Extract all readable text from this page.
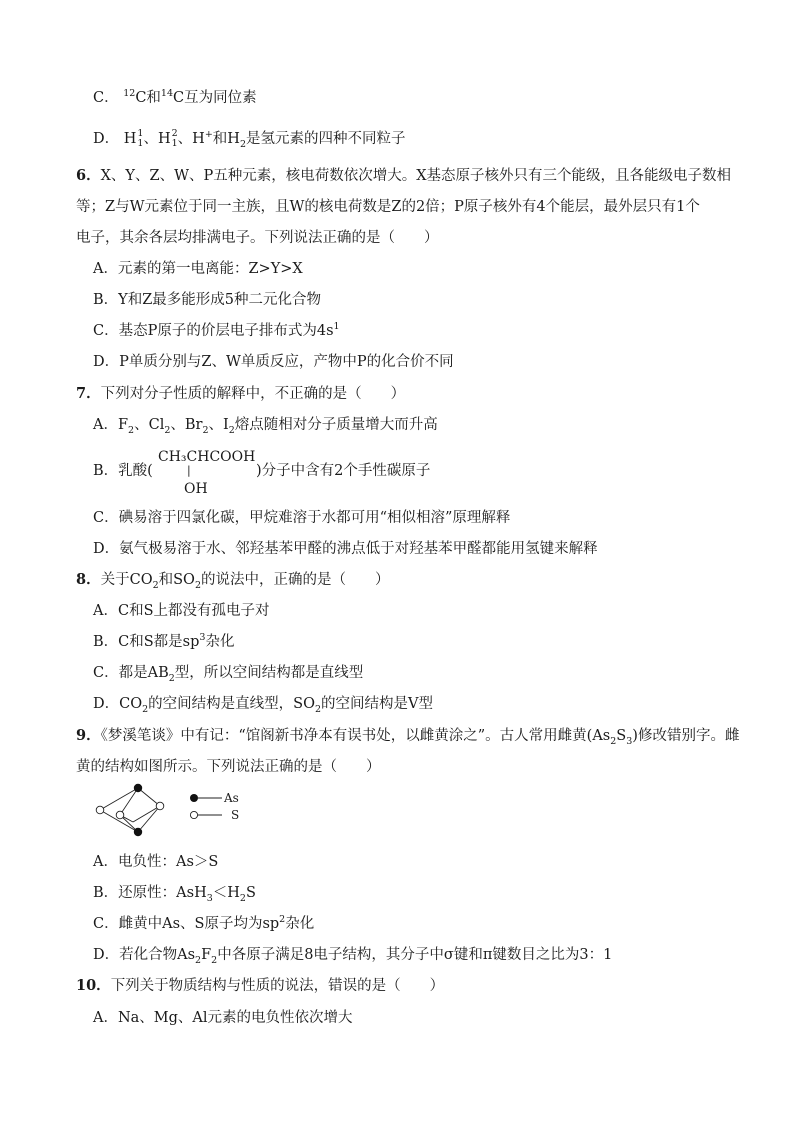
C． $^{12}$C和$^{14}$C互为同位素
D． H 1
1 、H 2
1 、H+和$H_2$是氢元素的四种不同粒子
6．X、Y、Z、W、P五种元素，核电荷数依次增大。X基态原子核外只有三个能级，且各能级电子数相
等；Z与W元素位于同一主族，且W的核电荷数是Z的2倍；P原子核外有4个能层，最外层只有1个
电子，其余各层均排满电子。下列说法正确的是（　　）
A．元素的第一电离能：Z>Y>X
B．Y和Z最多能形成5种二元化合物
C．基态P原子的价层电子排布式为$4s^1$
D．P单质分别与Z、W单质反应，产物中P的化合价不同
7．下列对分子性质的解释中，不正确的是（　　）
A．$F_2$、$Cl_2$、$Br_2$、$I_2$熔点随相对分子质量增大而升高
B．乳酸(
CH₃CHCOOH
|
OH
)分子中含有2个手性碳原子
C．碘易溶于四氯化碳，甲烷难溶于水都可用“相似相溶”原理解释
D．氨气极易溶于水、邻羟基苯甲醛的沸点低于对羟基苯甲醛都能用氢键来解释
8．关于$CO_2$和$SO_2$的说法中，正确的是（　　）
A．C和S上都没有孤电子对
B．C和S都是$sp^3$杂化
C．都是$AB_2$型，所以空间结构都是直线型
D．$CO_2$的空间结构是直线型，$SO_2$的空间结构是V型
9．《梦溪笔谈》中有记：“馆阁新书净本有误书处，以雌黄涂之”。古人常用雌黄$(As_2S_3)$修改错别字。雌
黄的结构如图所示。下列说法正确的是（　　）
As
S
A．电负性：As＞S
B．还原性：$AsH_3<H_2S$
C．雌黄中As、S原子均为$sp^2$杂化
D．若化合物$As_2F_2$中各原子满足8电子结构，其分子中σ键和π键数目之比为3：1
10．下列关于物质结构与性质的说法，错误的是（　　）
A．Na、Mg、Al元素的电负性依次增大
